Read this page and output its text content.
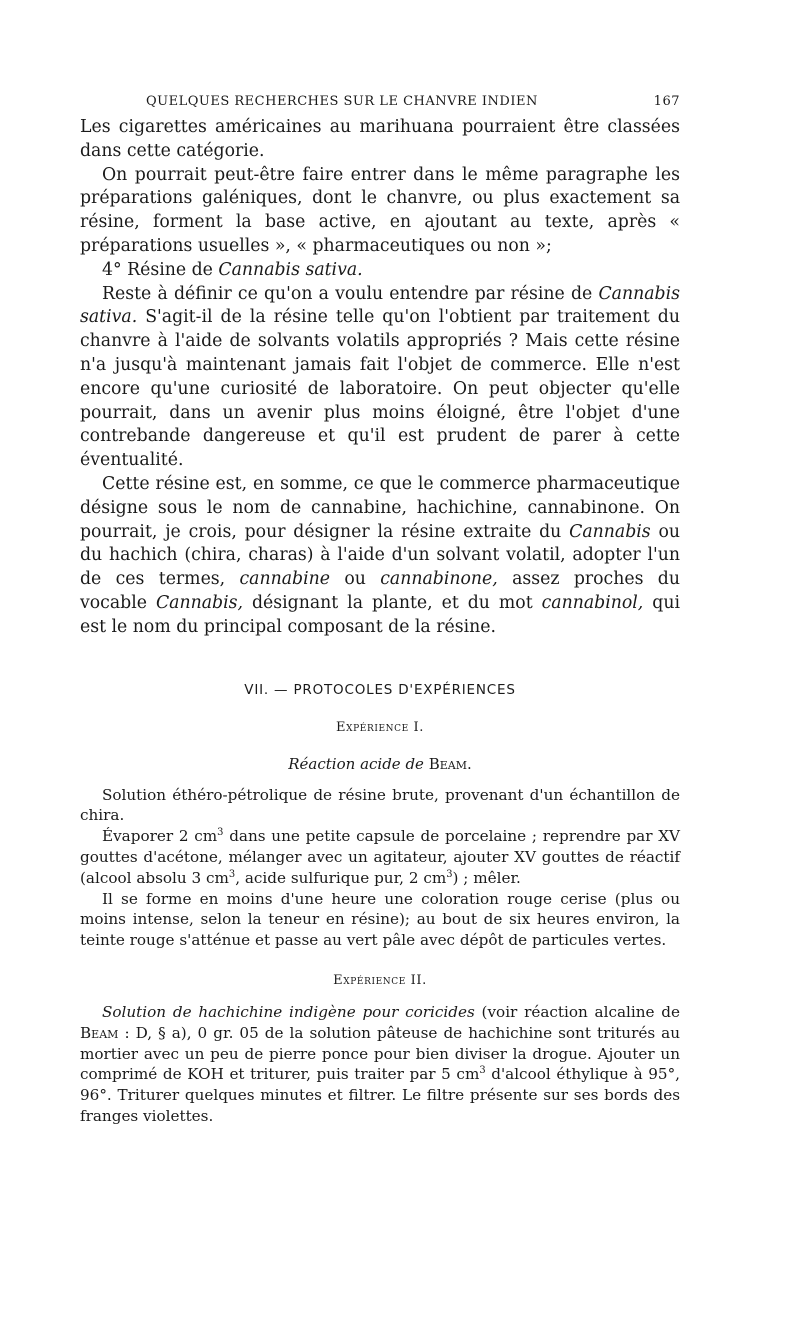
QUELQUES RECHERCHES SUR LE CHANVRE INDIEN	167

Les cigarettes américaines au marihuana pourraient être classées dans cette catégorie.

On pourrait peut-être faire entrer dans le même paragraphe les préparations galéniques, dont le chanvre, ou plus exactement sa résine, forment la base active, en ajoutant au texte, après « préparations usuelles », « pharmaceutiques ou non »;

4° Résine de Cannabis sativa.

Reste à définir ce qu'on a voulu entendre par résine de Cannabis sativa. S'agit-il de la résine telle qu'on l'obtient par traitement du chanvre à l'aide de solvants volatils appropriés ? Mais cette résine n'a jusqu'à maintenant jamais fait l'objet de commerce. Elle n'est encore qu'une curiosité de laboratoire. On peut objecter qu'elle pourrait, dans un avenir plus moins éloigné, être l'objet d'une contrebande dangereuse et qu'il est prudent de parer à cette éventualité.

Cette résine est, en somme, ce que le commerce pharmaceutique désigne sous le nom de cannabine, hachichine, cannabinone. On pourrait, je crois, pour désigner la résine extraite du Cannabis ou du hachich (chira, charas) à l'aide d'un solvant volatil, adopter l'un de ces termes, cannabine ou cannabinone, assez proches du vocable Cannabis, désignant la plante, et du mot cannabinol, qui est le nom du principal composant de la résine.

VII. — PROTOCOLES D'EXPÉRIENCES
Expérience I.
Réaction acide de Beam.

Solution éthéro-pétrolique de résine brute, provenant d'un échantillon de chira.

Évaporer 2 $cm^3$ dans une petite capsule de porcelaine ; reprendre par XV gouttes d'acétone, mélanger avec un agitateur, ajouter XV gouttes de réactif (alcool absolu 3 $cm^3$, acide sulfurique pur, 2 $cm^3$) ; mêler.

Il se forme en moins d'une heure une coloration rouge cerise (plus ou moins intense, selon la teneur en résine); au bout de six heures environ, la teinte rouge s'atténue et passe au vert pâle avec dépôt de particules vertes.

Expérience II.

Solution de hachichine indigène pour coricides (voir réaction alcaline de Beam : D, § a), 0 gr. 05 de la solution pâteuse de hachichine sont triturés au mortier avec un peu de pierre ponce pour bien diviser la drogue. Ajouter un comprimé de KOH et triturer, puis traiter par 5 $cm^3$ d'alcool éthylique à 95°, 96°. Triturer quelques minutes et filtrer. Le filtre présente sur ses bords des franges violettes.
